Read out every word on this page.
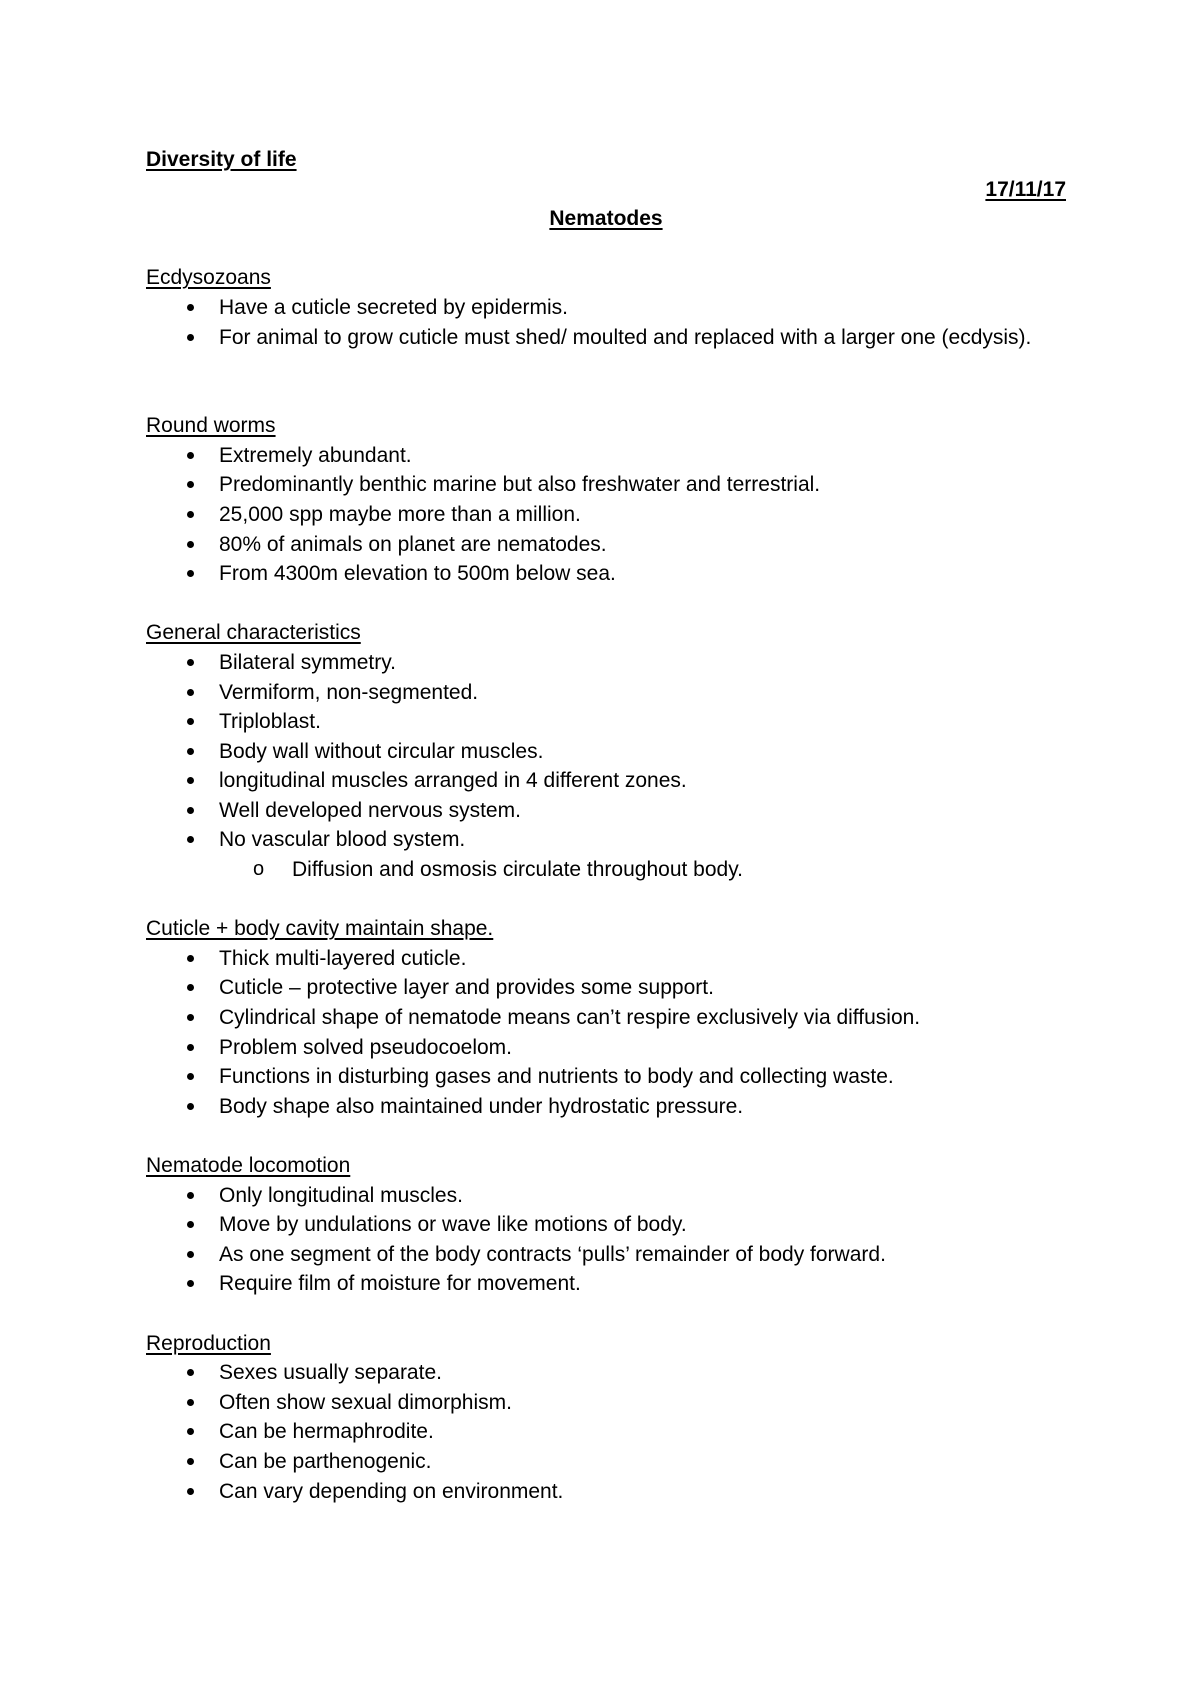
Diversity of life

17/11/17

Nematodes

Ecdysozoans

Have a cuticle secreted by epidermis.
For animal to grow cuticle must shed/ moulted and replaced with a larger one (ecdysis).

Round worms

Extremely abundant.
Predominantly benthic marine but also freshwater and terrestrial.
25,000 spp maybe more than a million.
80% of animals on planet are nematodes.
From 4300m elevation to 500m below sea.

General characteristics

Bilateral symmetry.
Vermiform, non-segmented.
Triploblast.
Body wall without circular muscles.
longitudinal muscles arranged in 4 different zones.
Well developed nervous system.
No vascular blood system.
o Diffusion and osmosis circulate throughout body.

Cuticle + body cavity maintain shape.

Thick multi-layered cuticle.
Cuticle – protective layer and provides some support.
Cylindrical shape of nematode means can’t respire exclusively via diffusion.
Problem solved pseudocoelom.
Functions in disturbing gases and nutrients to body and collecting waste.
Body shape also maintained under hydrostatic pressure.

Nematode locomotion

Only longitudinal muscles.
Move by undulations or wave like motions of body.
As one segment of the body contracts ‘pulls’ remainder of body forward.
Require film of moisture for movement.

Reproduction

Sexes usually separate.
Often show sexual dimorphism.
Can be hermaphrodite.
Can be parthenogenic.
Can vary depending on environment.
